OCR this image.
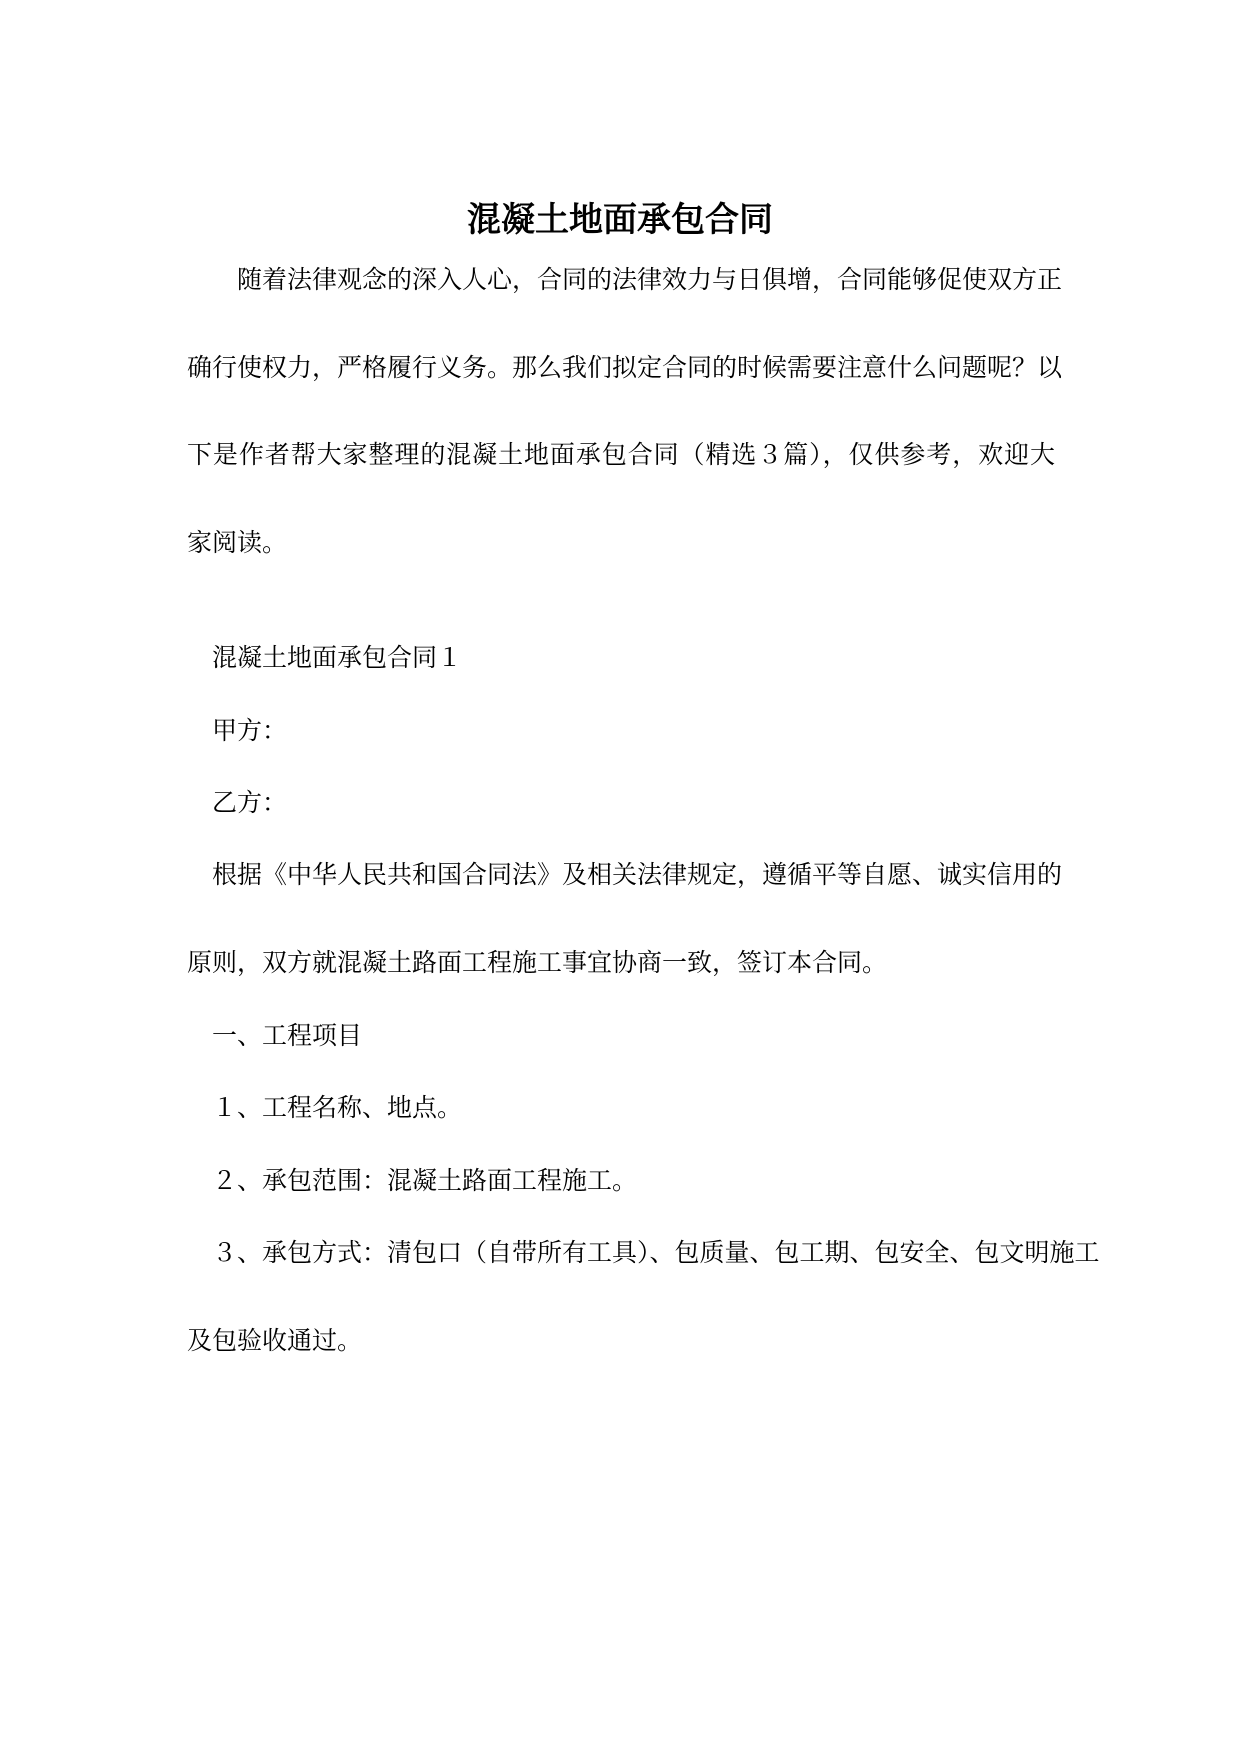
混凝土地面承包合同
　　随着法律观念的深入人心，合同的法律效力与日俱增，合同能够促使双方正
确行使权力，严格履行义务。那么我们拟定合同的时候需要注意什么问题呢？以
下是作者帮大家整理的混凝土地面承包合同（精选３篇），仅供参考，欢迎大
家阅读。
　混凝土地面承包合同１
　甲方：
　乙方：
　根据《中华人民共和国合同法》及相关法律规定，遵循平等自愿、诚实信用的
原则，双方就混凝土路面工程施工事宜协商一致，签订本合同。
　一、工程项目
　１、工程名称、地点。
　２、承包范围：混凝土路面工程施工。
　３、承包方式：清包口（自带所有工具）、包质量、包工期、包安全、包文明施工
及包验收通过。
